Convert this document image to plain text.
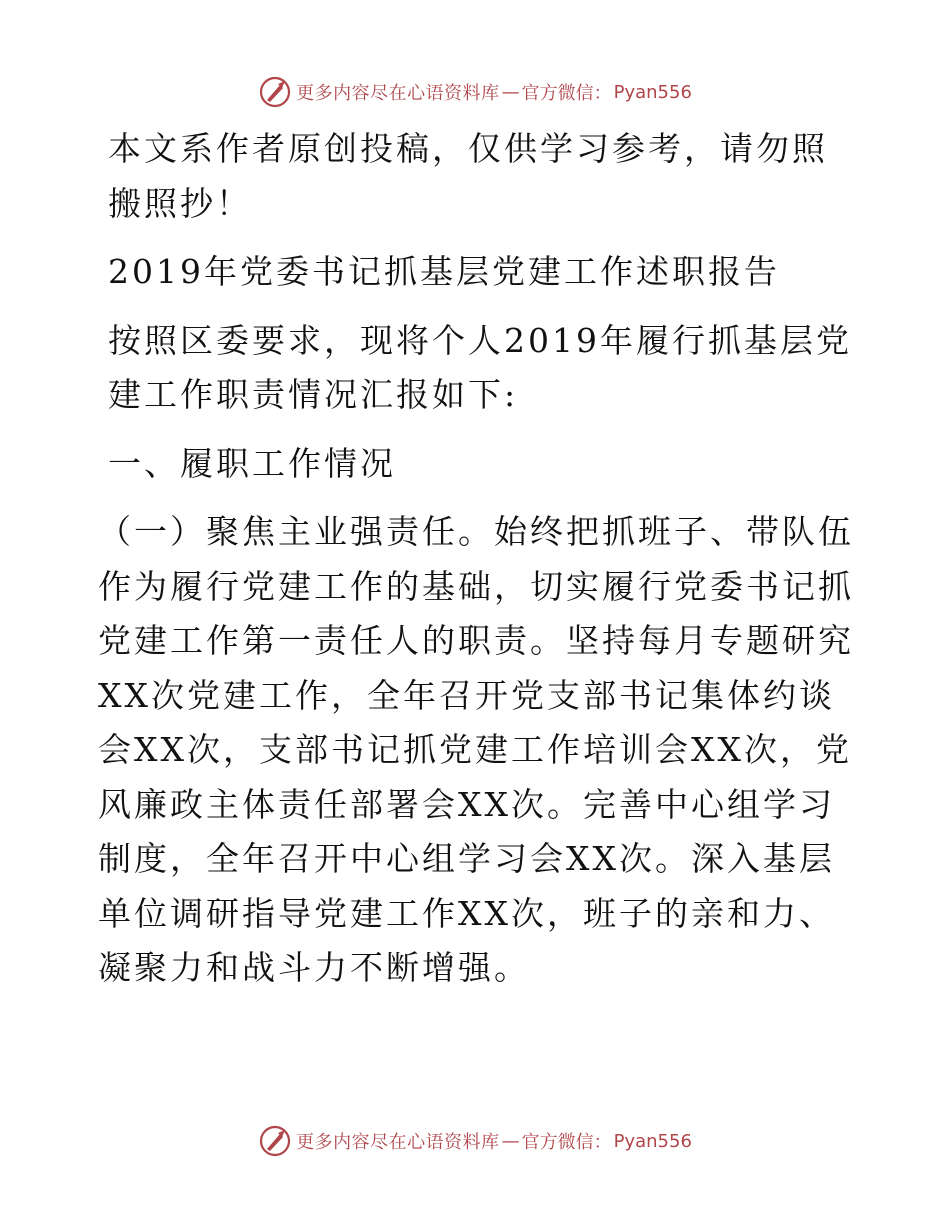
更多内容尽在心语资料库 — 官方微信： Pyan556

本文系作者原创投稿，仅供学习参考，请勿照搬照抄！

2019年党委书记抓基层党建工作述职报告

按照区委要求，现将个人2019年履行抓基层党建工作职责情况汇报如下:

一、履职工作情况

（一）聚焦主业强责任。始终把抓班子、带队伍作为履行党建工作的基础，切实履行党委书记抓党建工作第一责任人的职责。坚持每月专题研究XX次党建工作，全年召开党支部书记集体约谈会XX次，支部书记抓党建工作培训会XX次，党风廉政主体责任部署会XX次。完善中心组学习制度，全年召开中心组学习会XX次。深入基层单位调研指导党建工作XX次，班子的亲和力、凝聚力和战斗力不断增强。

更多内容尽在心语资料库 — 官方微信： Pyan556
